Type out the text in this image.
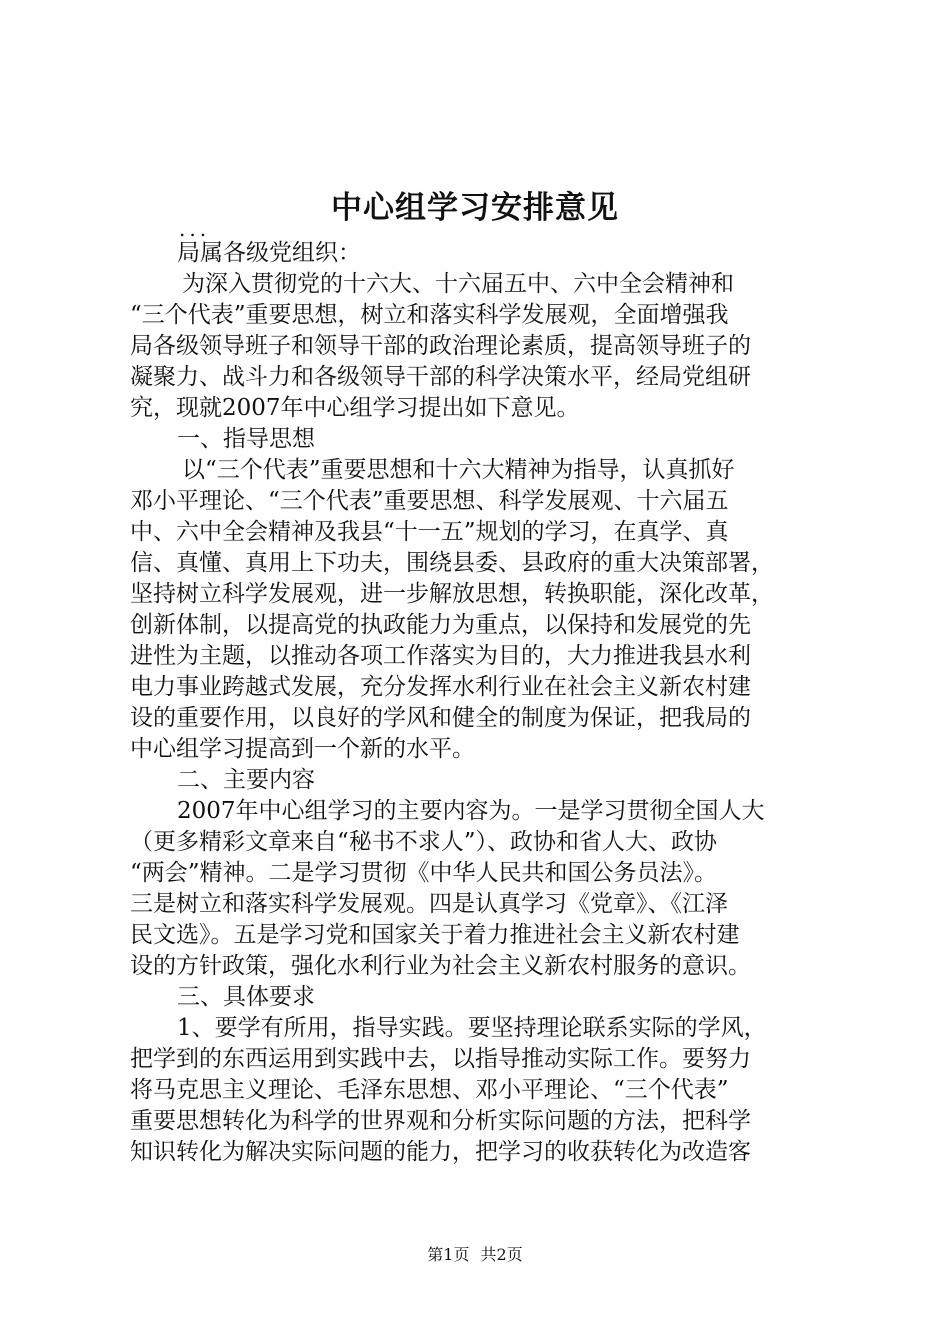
中心组学习安排意见
...

局属各级党组织：

为深入贯彻党的十六大、十六届五中、六中全会精神和

“三个代表”重要思想，树立和落实科学发展观，全面增强我

局各级领导班子和领导干部的政治理论素质，提高领导班子的

凝聚力、战斗力和各级领导干部的科学决策水平，经局党组研

究，现就2007年中心组学习提出如下意见。

一、指导思想

以“三个代表”重要思想和十六大精神为指导，认真抓好

邓小平理论、“三个代表”重要思想、科学发展观、十六届五

中、六中全会精神及我县“十一五”规划的学习，在真学、真

信、真懂、真用上下功夫，围绕县委、县政府的重大决策部署，

坚持树立科学发展观，进一步解放思想，转换职能，深化改革，

创新体制，以提高党的执政能力为重点，以保持和发展党的先

进性为主题，以推动各项工作落实为目的，大力推进我县水利

电力事业跨越式发展，充分发挥水利行业在社会主义新农村建

设的重要作用，以良好的学风和健全的制度为保证，把我局的

中心组学习提高到一个新的水平。

二、主要内容

2007年中心组学习的主要内容为。一是学习贯彻全国人大

（更多精彩文章来自“秘书不求人”）、政协和省人大、政协

“两会”精神。二是学习贯彻《中华人民共和国公务员法》。

三是树立和落实科学发展观。四是认真学习《党章》、《江泽

民文选》。五是学习党和国家关于着力推进社会主义新农村建

设的方针政策，强化水利行业为社会主义新农村服务的意识。

三、具体要求

1、要学有所用，指导实践。要坚持理论联系实际的学风，

把学到的东西运用到实践中去，以指导推动实际工作。要努力

将马克思主义理论、毛泽东思想、邓小平理论、“三个代表”

重要思想转化为科学的世界观和分析实际问题的方法，把科学

知识转化为解决实际问题的能力，把学习的收获转化为改造客

第1页 共2页
